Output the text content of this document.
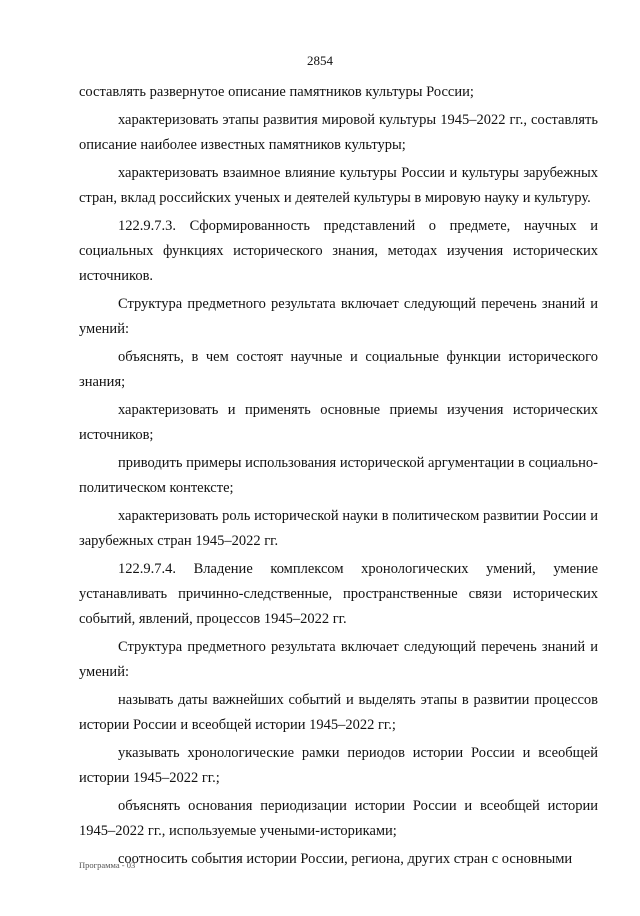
2854

составлять развернутое описание памятников культуры России;

характеризовать этапы развития мировой культуры 1945–2022 гг., составлять описание наиболее известных памятников культуры;

характеризовать взаимное влияние культуры России и культуры зарубежных стран, вклад российских ученых и деятелей культуры в мировую науку и культуру.

122.9.7.3. Сформированность представлений о предмете, научных и социальных функциях исторического знания, методах изучения исторических источников.

Структура предметного результата включает следующий перечень знаний и умений:

объяснять, в чем состоят научные и социальные функции исторического знания;

характеризовать и применять основные приемы изучения исторических источников;

приводить примеры использования исторической аргументации в социально-политическом контексте;

характеризовать роль исторической науки в политическом развитии России и зарубежных стран 1945–2022 гг.

122.9.7.4. Владение комплексом хронологических умений, умение устанавливать причинно-следственные, пространственные связи исторических событий, явлений, процессов 1945–2022 гг.

Структура предметного результата включает следующий перечень знаний и умений:

называть даты важнейших событий и выделять этапы в развитии процессов истории России и всеобщей истории 1945–2022 гг.;

указывать хронологические рамки периодов истории России и всеобщей истории 1945–2022 гг.;

объяснять основания периодизации истории России и всеобщей истории 1945–2022 гг., используемые учеными-историками;

соотносить события истории России, региона, других стран с основными

Программа - 03
